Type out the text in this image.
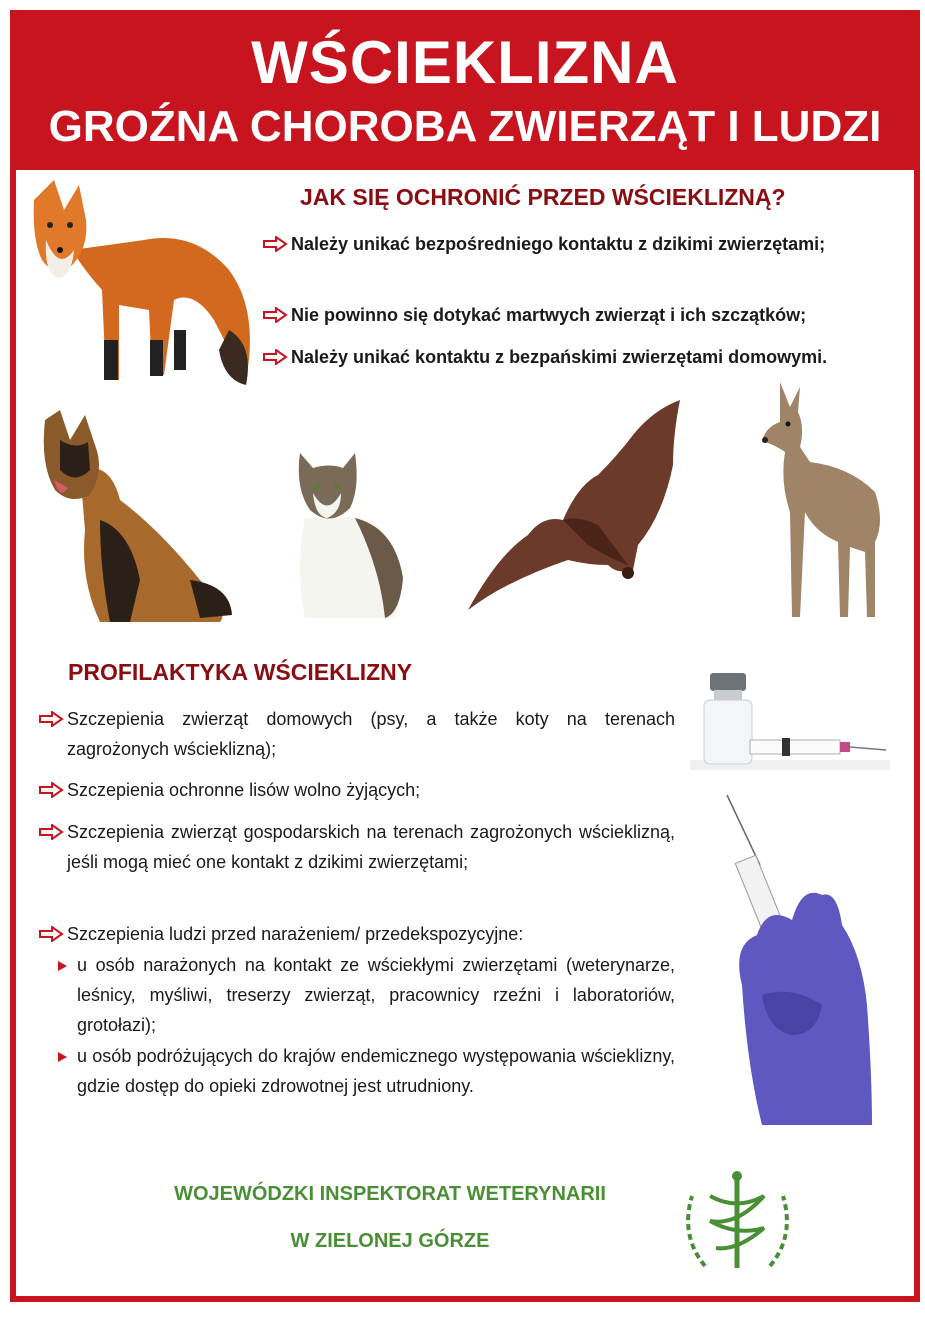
WŚCIEKLIZNA
GROŹNA CHOROBA ZWIERZĄT I LUDZI
JAK SIĘ OCHRONIĆ PRZED WŚCIEKLIZNĄ?
Należy unikać bezpośredniego kontaktu z dzikimi zwierzętami;
Nie powinno się dotykać martwych zwierząt i ich szczątków;
Należy unikać kontaktu z bezpańskimi zwierzętami domowymi.
PROFILAKTYKA WŚCIEKLIZNY
Szczepienia zwierząt domowych (psy, a także koty na terenach zagrożonych wścieklizną);
Szczepienia ochronne lisów wolno żyjących;
Szczepienia zwierząt gospodarskich na terenach zagrożonych wścieklizną, jeśli mogą mieć one kontakt z dzikimi zwierzętami;
Szczepienia ludzi przed narażeniem/ przedekspozycyjne:
u osób narażonych na kontakt ze wściekłymi zwierzętami (weterynarze, leśnicy, myśliwi, treserzy zwierząt, pracownicy rzeźni i laboratoriów, grotołazi);
u osób podróżujących do krajów endemicznego występowania wścieklizny, gdzie dostęp do opieki zdrowotnej jest utrudniony.
WOJEWÓDZKI INSPEKTORAT WETERYNARII
W ZIELONEJ GÓRZE
